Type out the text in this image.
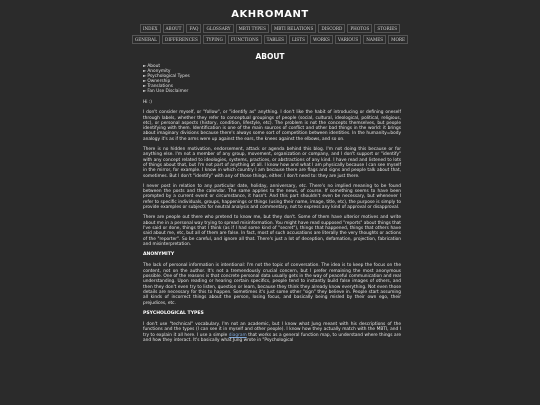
AKHROMANT
INDEX	ABOUT	FAQ	GLOSSARY	MBTI TYPES	MBTI RELATIONS	DISCORD	PHOTOS	STORIES
GENERAL	DIFFERENCES	TYPING	FUNCTIONS	TABLES	LISTS	WORKS	VARIOUS	NAMES	MORE
ABOUT
►About
►Anonymity
►Psychological Types
►Ownership
►Translations
►Fan Use Disclaimer

Hi :)

I don't consider myself, or "follow", or "identify as" anything. I don't like the habit of introducing or defining oneself through labels, whether they refer to conceptual groupings of people (social, cultural, ideological, political, religious, etc), or personal aspects (history, condition, lifestyle, etc). The problem is not the concepts themselves, but people identifying with them. Identification is one of the main sources of conflict and other bad things in the world: it brings about imaginary divisions because there's always some sort of competition between identities. In the humanity=body analogy it's as if the arms were up against the ears, the knees against the elbows, and so on.

There is no hidden motivation, endorsement, attack or agenda behind this blog. I'm not doing this because or for anything else. I'm not a member of any group, movement, organization or company, and I don't support or "identify" with any concept related to ideologies, systems, practices, or abstractions of any kind. I have read and listened to lots of things about that, but I'm not part of anything at all. I know how and what I am physically because I can see myself in the mirror, for example. I know in which country I am because there are flags and signs and people talk about that, sometimes. But I don't "identify" with any of those things, either. I don't need to: they are just there.

I never post in relation to any particular date, holiday, anniversary, etc. There's no implied meaning to be found between the posts and the calendar. The same applies to the news, of course. If something seems to have been prompted by a current event or circumstance, it hasn't. And this part shouldn't even be necessary, but whenever I refer to specific individuals, groups, happenings or things (using their name, image, title, etc), the purpose is simply to provide examples or subjects for neutral analysis and commentary, not to express any kind of approval or disapproval.

There are people out there who pretend to know me, but they don't. Some of them have ulterior motives and write about me in a personal way trying to spread misinformation. You might have read supposed "reports" about things that I've said or done, things that I think (as if I had some kind of "secret"), things that happened, things that others have said about me, etc, but all of them are false. In fact, most of such accusations are literally the very thoughts or actions of the "reporter". So be careful, and ignore all that. There's just a lot of deception, defamation, projection, fabrication and misinterpretation.

ANONYMITY

The lack of personal information is intentional: I'm not the topic of conversation. The idea is to keep the focus on the content, not on the author. It's not a tremendously crucial concern, but I prefer remaining the most anonymous possible. One of the reasons is that concrete personal data usually gets in the way of peaceful communication and real understanding. Upon reading or hearing certain specifics, people tend to instantly build false images of others, and then they don't even try to listen, question or learn, because they think they already know everything. Not even those details are necessary for this to happen. Sometimes it's just some other "sign" they believe in. People start assuming all kinds of incorrect things about the person, losing focus, and basically being misled by their own ego, their prejudices, etc.

PSYCHOLOGICAL TYPES

I don't use "technical" vocabulary. I'm not an academic, but I know what Jung meant with his descriptions of the functions and the types (I can see it in myself and other people). I know how they actually match with the MBTI, and I try to explain it all here. I use a simple diagram that works as a general function map, to understand where things are and how they interact. It's basically what Jung wrote in "Psychological
